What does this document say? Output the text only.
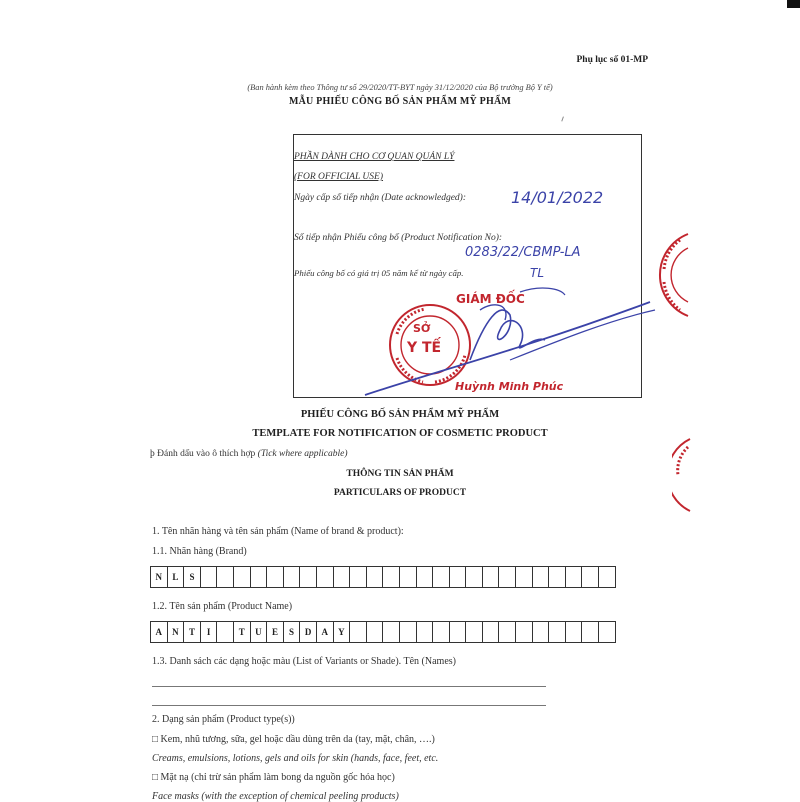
Phụ lục số 01-MP
(Ban hành kèm theo Thông tư số 29/2020/TT-BYT ngày 31/12/2020 của Bộ trưởng Bộ Y tế)
MẪU PHIẾU CÔNG BỐ SẢN PHẨM MỸ PHẨM
PHẦN DÀNH CHO CƠ QUAN QUẢN LÝ
(FOR OFFICIAL USE)
Ngày cấp số tiếp nhận (Date acknowledged):	14/01/2022
Số tiếp nhận Phiếu công bố (Product Notification No):
0283/22/CBMP-LA
Phiếu công bố có giá trị 05 năm kể từ ngày cấp.	TL
SỞ
Y TẾ
GIÁM ĐỐC
Huỳnh Minh Phúc
PHIẾU CÔNG BỐ SẢN PHẨM MỸ PHẨM
TEMPLATE FOR NOTIFICATION OF COSMETIC PRODUCT
þ Đánh dấu vào ô thích hợp (Tick where applicable)
THÔNG TIN SẢN PHẨM
PARTICULARS OF PRODUCT
1. Tên nhãn hàng và tên sản phẩm (Name of brand & product):
1.1. Nhãn hàng (Brand)
N	L	S
1.2. Tên sản phẩm (Product Name)
A	N	T	I	T	U	E	S	D	A	Y
1.3. Danh sách các dạng hoặc màu (List of Variants or Shade). Tên (Names)
2. Dạng sản phẩm (Product type(s))
□ Kem, nhũ tương, sữa, gel hoặc dầu dùng trên da (tay, mặt, chân, ….)
Creams, emulsions, lotions, gels and oils for skin (hands, face, feet, etc.
□ Mặt nạ (chỉ trừ sản phẩm làm bong da nguồn gốc hóa học)
Face masks (with the exception of chemical peeling products)
